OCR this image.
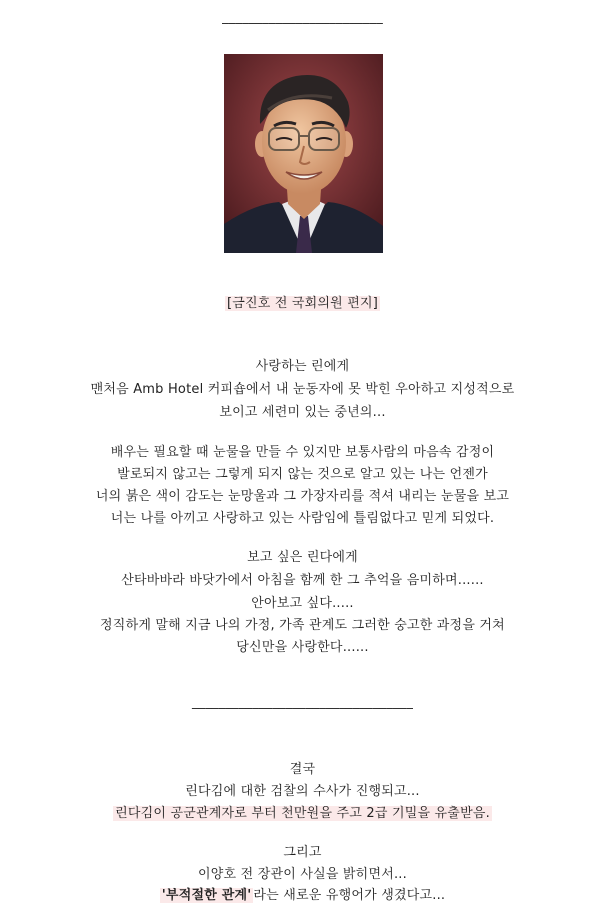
________________________
[금진호 전 국회의원 편지]
사랑하는 린에게
맨처음 Amb Hotel 커피숍에서 내 눈동자에 못 박힌 우아하고 지성적으로
보이고 세련미 있는 중년의...
배우는 필요할 때 눈물을 만들 수 있지만 보통사람의 마음속 감정이
발로되지 않고는 그렇게 되지 않는 것으로 알고 있는 나는 언젠가
너의 붉은 색이 감도는 눈망울과 그 가장자리를 적셔 내리는 눈물을 보고
너는 나를 아끼고 사랑하고 있는 사람임에 틀림없다고 믿게 되었다.
보고 싶은 린다에게
산타바바라 바닷가에서 아침을 함께 한 그 추억을 음미하며......
안아보고 싶다.....
정직하게 말해 지금 나의 가정, 가족 관계도 그러한 숭고한 과정을 거쳐
당신만을 사랑한다......
_________________________________
결국
린다김에 대한 검찰의 수사가 진행되고...
린다김이 공군관계자로 부터 천만원을 주고 2급 기밀을 유출받음.
그리고
이양호 전 장관이 사실을 밝히면서...
'부적절한 관계' 라는 새로운 유행어가 생겼다고...
